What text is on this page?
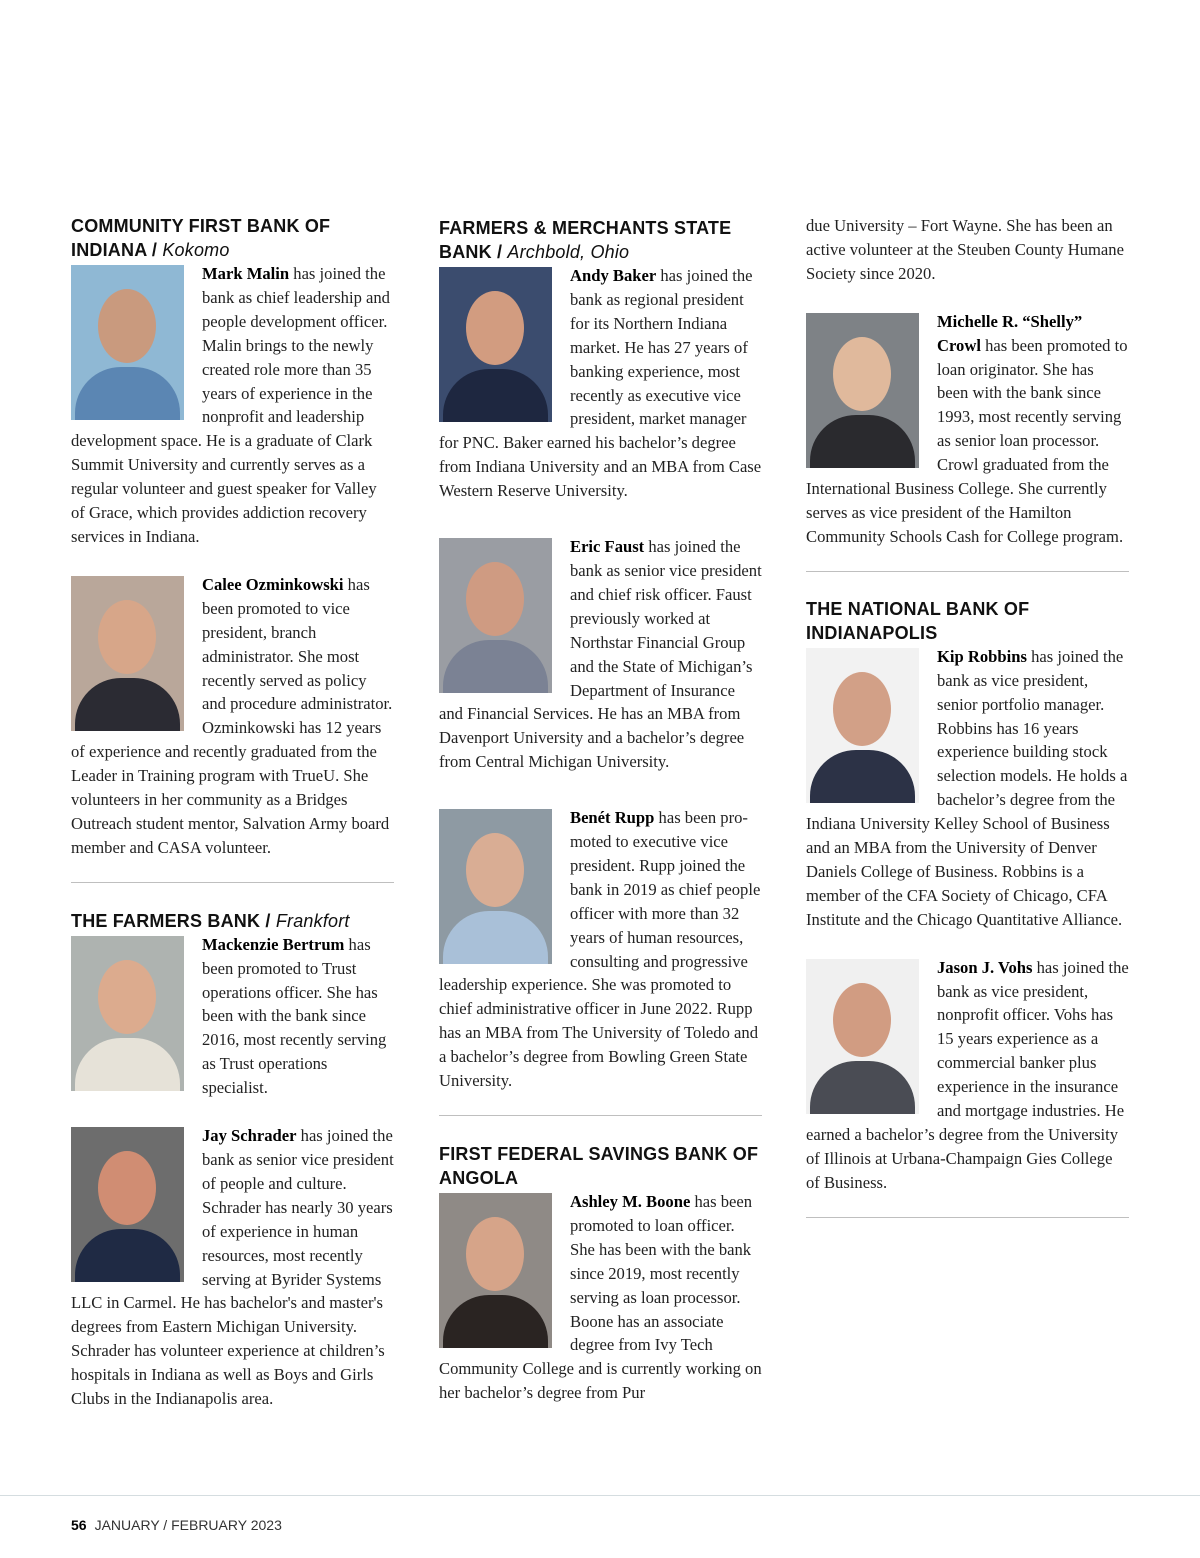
COMMUNITY FIRST BANK OF INDIANA / Kokomo

Mark Malin has joined the bank as chief leadership and people development officer. Malin brings to the newly created role more than 35 years of experience in the nonprofit and leadership development space. He is a graduate of Clark Summit University and currently serves as a regular volunteer and guest speaker for Valley of Grace, which provides addiction recovery services in Indiana.

Calee Ozminkowski has been promoted to vice president, branch administrator. She most recently served as policy and procedure administrator. Ozminkowski has 12 years of experience and recently graduated from the Leader in Training program with TrueU. She volunteers in her community as a Bridges Outreach student mentor, Salvation Army board member and CASA volunteer.

THE FARMERS BANK / Frankfort

Mackenzie Bertrum has been promoted to Trust operations officer. She has been with the bank since 2016, most recently serving as Trust operations specialist.

Jay Schrader has joined the bank as senior vice president of people and culture. Schrader has nearly 30 years of experience in human resources, most recently serving at Byrider Systems LLC in Carmel. He has bachelor's and master's degrees from Eastern Michigan University. Schrader has volunteer experience at children’s hospitals in Indiana as well as Boys and Girls Clubs in the Indianapolis area.

FARMERS & MERCHANTS STATE BANK / Archbold, Ohio

Andy Baker has joined the bank as regional president for its Northern Indiana market. He has 27 years of banking experience, most recently as executive vice president, market manager for PNC. Baker earned his bachelor’s degree from Indiana University and an MBA from Case Western Reserve University.

Eric Faust has joined the bank as senior vice president and chief risk officer. Faust previously worked at Northstar Financial Group and the State of Michigan’s Department of Insurance and Financial Services. He has an MBA from Davenport University and a bachelor’s degree from Central Michigan University.

Benét Rupp has been promoted to executive vice president. Rupp joined the bank in 2019 as chief people officer with more than 32 years of human resources, consulting and progressive leadership experience. She was promoted to chief administrative officer in June 2022. Rupp has an MBA from The University of Toledo and a bachelor’s degree from Bowling Green State University.

FIRST FEDERAL SAVINGS BANK OF ANGOLA

Ashley M. Boone has been promoted to loan officer. She has been with the bank since 2019, most recently serving as loan processor. Boone has an associate degree from Ivy Tech Community College and is currently working on her bachelor’s degree from Pur

due University – Fort Wayne. She has been an active volunteer at the Steuben County Humane Society since 2020.

Michelle R. “Shelly” Crowl has been promoted to loan originator. She has been with the bank since 1993, most recently serving as senior loan processor. Crowl graduated from the International Business College. She currently serves as vice president of the Hamilton Community Schools Cash for College program.

THE NATIONAL BANK OF INDIANAPOLIS

Kip Robbins has joined the bank as vice president, senior portfolio manager. Robbins has 16 years experience building stock selection models. He holds a bachelor’s degree from the Indiana University Kelley School of Business and an MBA from the University of Denver Daniels College of Business. Robbins is a member of the CFA Society of Chicago, CFA Institute and the Chicago Quantitative Alliance.

Jason J. Vohs has joined the bank as vice president, nonprofit officer. Vohs has 15 years experience as a commercial banker plus experience in the insurance and mortgage industries. He earned a bachelor’s degree from the University of Illinois at Urbana-Champaign Gies College of Business.

56 JANUARY / FEBRUARY 2023
